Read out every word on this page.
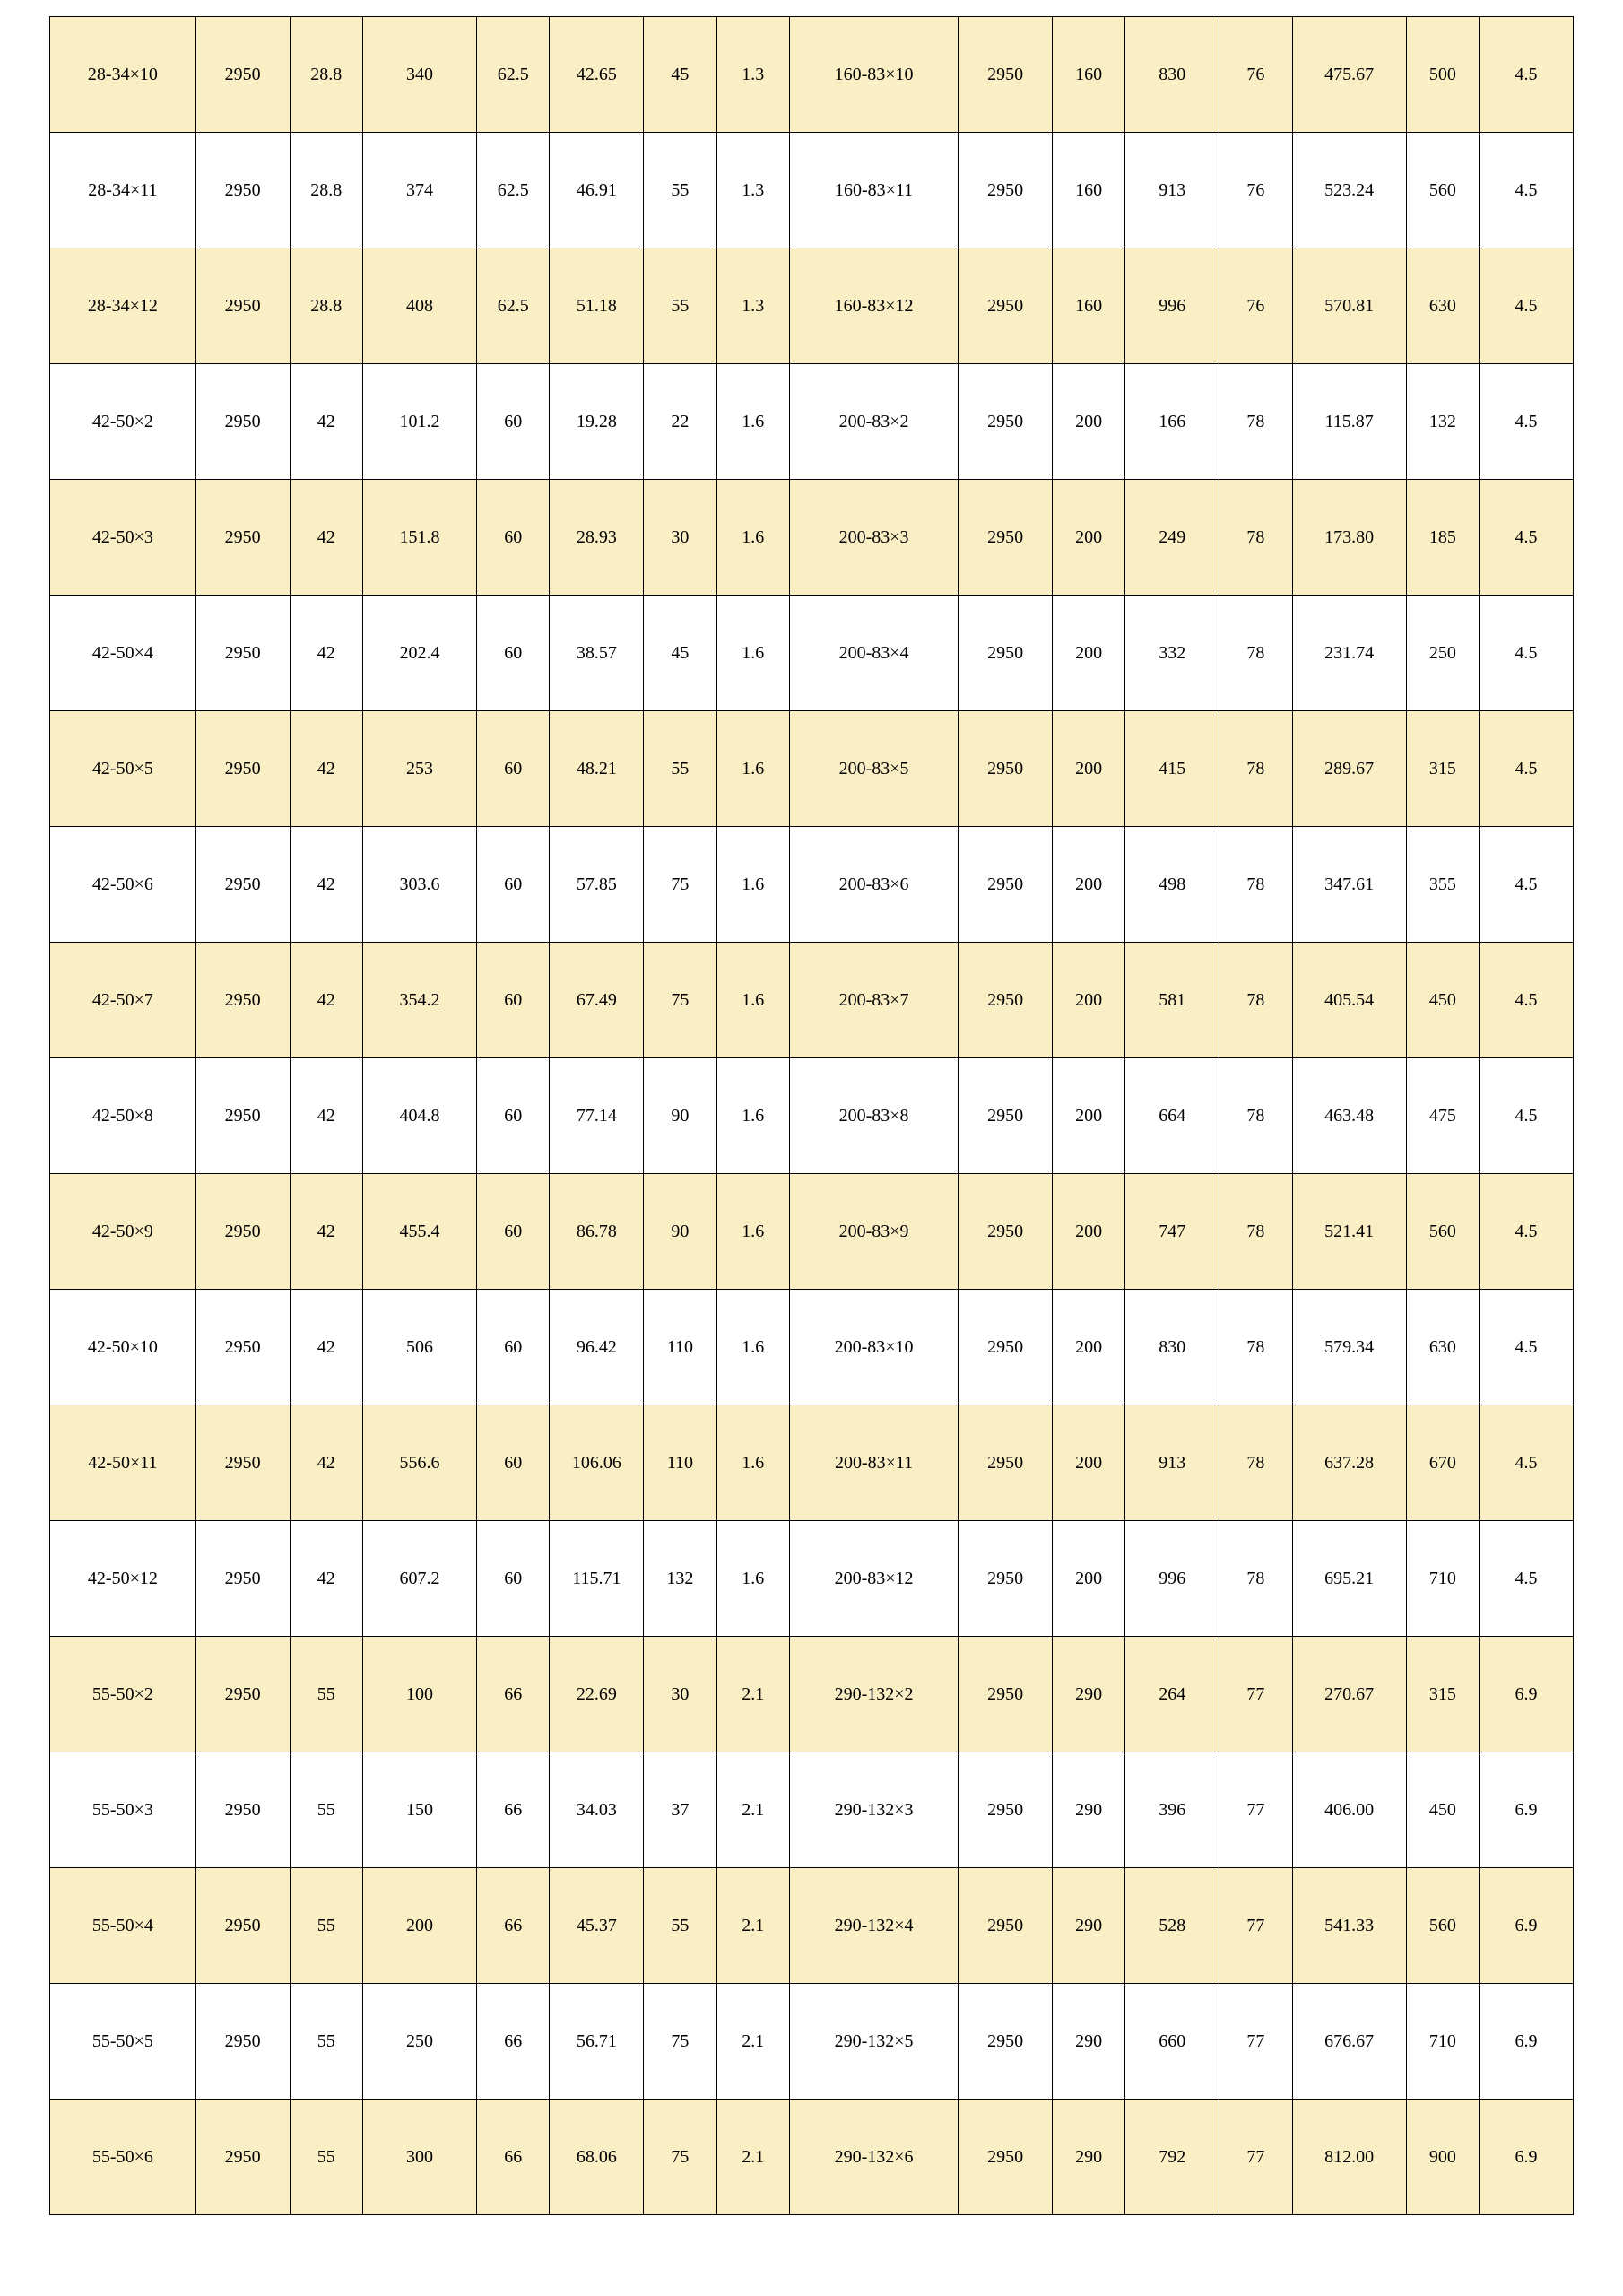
28-34×10	2950	28.8	340	62.5	42.65	45	1.3	160-83×10	2950	160	830	76	475.67	500	4.5
28-34×11	2950	28.8	374	62.5	46.91	55	1.3	160-83×11	2950	160	913	76	523.24	560	4.5
28-34×12	2950	28.8	408	62.5	51.18	55	1.3	160-83×12	2950	160	996	76	570.81	630	4.5
42-50×2	2950	42	101.2	60	19.28	22	1.6	200-83×2	2950	200	166	78	115.87	132	4.5
42-50×3	2950	42	151.8	60	28.93	30	1.6	200-83×3	2950	200	249	78	173.80	185	4.5
42-50×4	2950	42	202.4	60	38.57	45	1.6	200-83×4	2950	200	332	78	231.74	250	4.5
42-50×5	2950	42	253	60	48.21	55	1.6	200-83×5	2950	200	415	78	289.67	315	4.5
42-50×6	2950	42	303.6	60	57.85	75	1.6	200-83×6	2950	200	498	78	347.61	355	4.5
42-50×7	2950	42	354.2	60	67.49	75	1.6	200-83×7	2950	200	581	78	405.54	450	4.5
42-50×8	2950	42	404.8	60	77.14	90	1.6	200-83×8	2950	200	664	78	463.48	475	4.5
42-50×9	2950	42	455.4	60	86.78	90	1.6	200-83×9	2950	200	747	78	521.41	560	4.5
42-50×10	2950	42	506	60	96.42	110	1.6	200-83×10	2950	200	830	78	579.34	630	4.5
42-50×11	2950	42	556.6	60	106.06	110	1.6	200-83×11	2950	200	913	78	637.28	670	4.5
42-50×12	2950	42	607.2	60	115.71	132	1.6	200-83×12	2950	200	996	78	695.21	710	4.5
55-50×2	2950	55	100	66	22.69	30	2.1	290-132×2	2950	290	264	77	270.67	315	6.9
55-50×3	2950	55	150	66	34.03	37	2.1	290-132×3	2950	290	396	77	406.00	450	6.9
55-50×4	2950	55	200	66	45.37	55	2.1	290-132×4	2950	290	528	77	541.33	560	6.9
55-50×5	2950	55	250	66	56.71	75	2.1	290-132×5	2950	290	660	77	676.67	710	6.9
55-50×6	2950	55	300	66	68.06	75	2.1	290-132×6	2950	290	792	77	812.00	900	6.9
